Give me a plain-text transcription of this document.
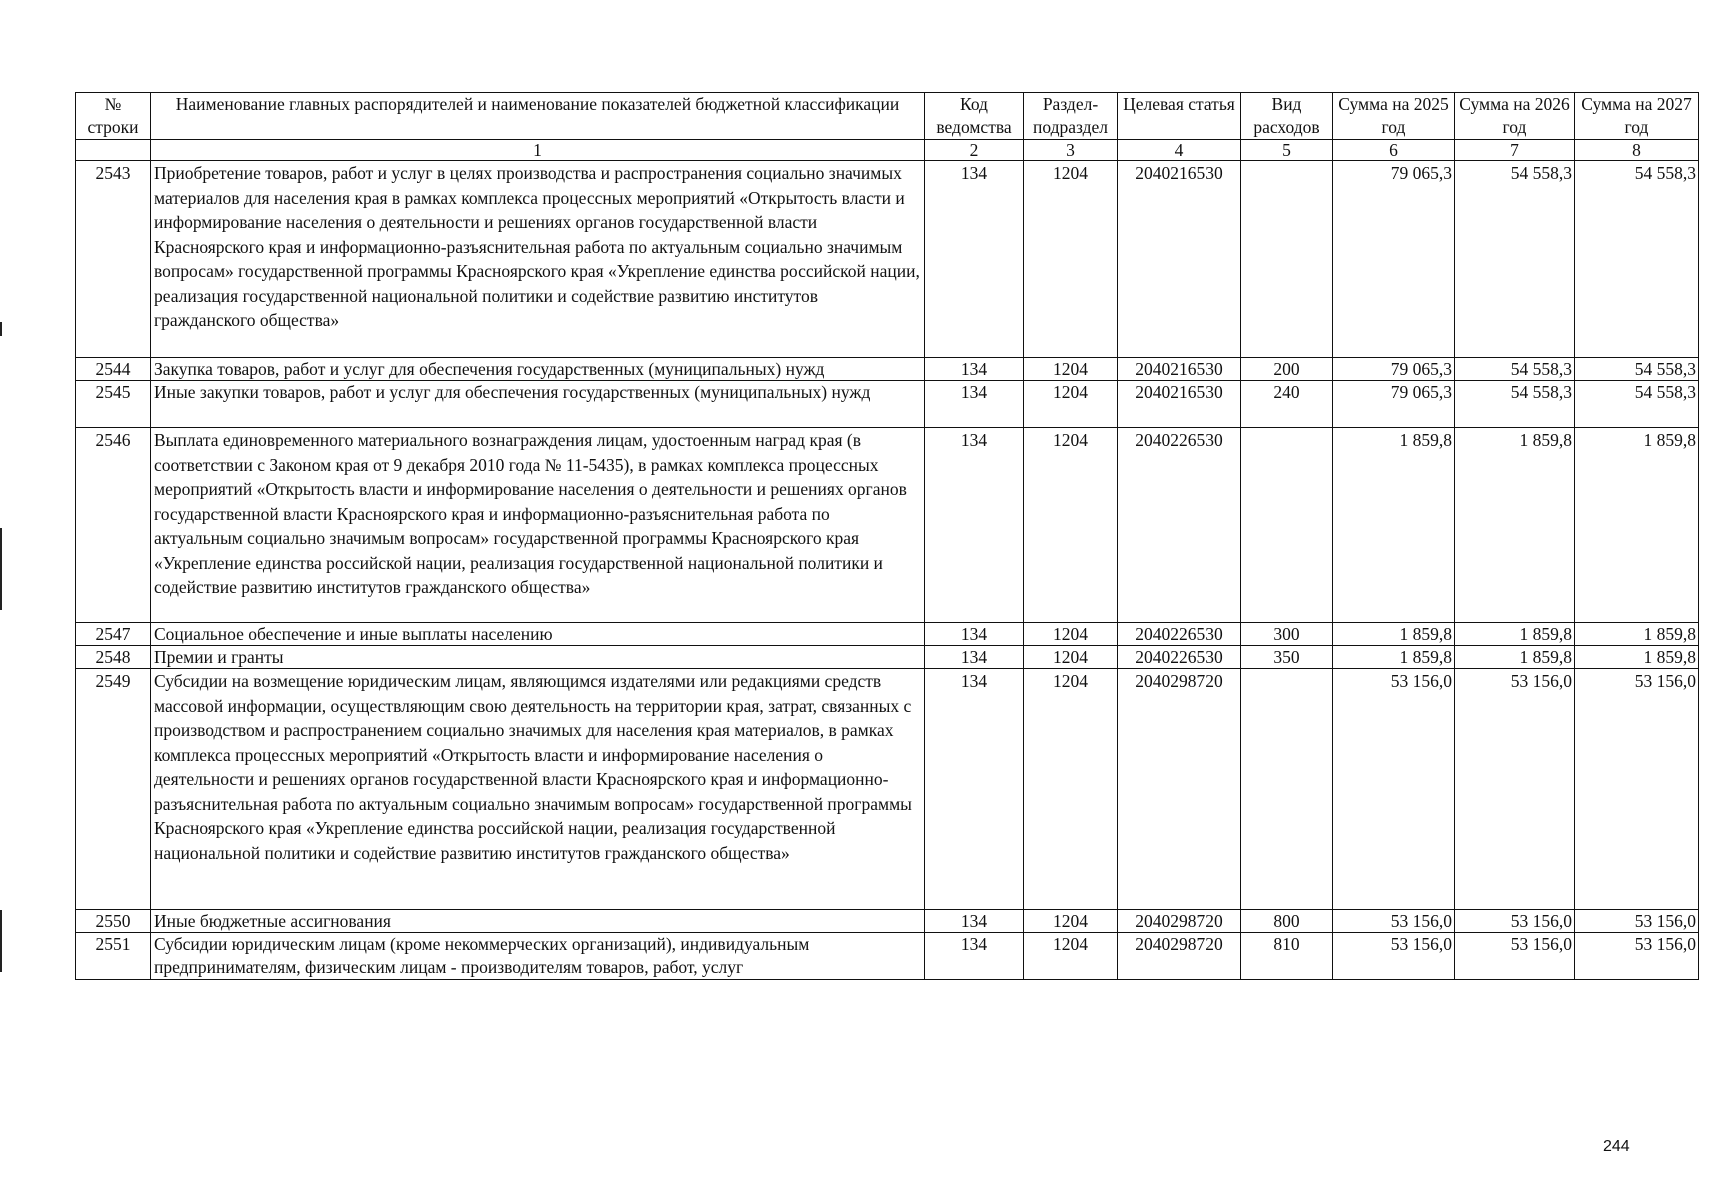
№ строки	Наименование главных распорядителей и наименование показателей бюджетной классификации	Код ведомства	Раздел-подраздел	Целевая статья	Вид расходов	Сумма на 2025 год	Сумма на 2026 год	Сумма на 2027 год
	1	2	3	4	5	6	7	8
2543	Приобретение товаров, работ и услуг в целях производства и распространения социально значимых материалов для населения края в рамках комплекса процессных мероприятий «Открытость власти и информирование населения о деятельности и решениях органов государственной власти Красноярского края и информационно-разъяснительная работа по актуальным социально значимым вопросам» государственной программы Красноярского края «Укрепление единства российской нации, реализация государственной национальной политики и содействие развитию институтов гражданского общества»	134	1204	2040216530		79 065,3	54 558,3	54 558,3
2544	Закупка товаров, работ и услуг для обеспечения государственных (муниципальных) нужд	134	1204	2040216530	200	79 065,3	54 558,3	54 558,3
2545	Иные закупки товаров, работ и услуг для обеспечения государственных (муниципальных) нужд	134	1204	2040216530	240	79 065,3	54 558,3	54 558,3
2546	Выплата единовременного материального вознаграждения лицам, удостоенным наград края (в соответствии с Законом края от 9 декабря 2010 года № 11-5435), в рамках комплекса процессных мероприятий «Открытость власти и информирование населения о деятельности и решениях органов государственной власти Красноярского края и информационно-разъяснительная работа по актуальным социально значимым вопросам» государственной программы Красноярского края «Укрепление единства российской нации, реализация государственной национальной политики и содействие развитию институтов гражданского общества»	134	1204	2040226530		1 859,8	1 859,8	1 859,8
2547	Социальное обеспечение и иные выплаты населению	134	1204	2040226530	300	1 859,8	1 859,8	1 859,8
2548	Премии и гранты	134	1204	2040226530	350	1 859,8	1 859,8	1 859,8
2549	Субсидии на возмещение юридическим лицам, являющимся издателями или редакциями средств массовой информации, осуществляющим свою деятельность на территории края, затрат, связанных с производством и распространением социально значимых для населения края материалов, в рамках комплекса процессных мероприятий «Открытость власти и информирование населения о деятельности и решениях органов государственной власти Красноярского края и информационно-разъяснительная работа по актуальным социально значимым вопросам» государственной программы Красноярского края «Укрепление единства российской нации, реализация государственной национальной политики и содействие развитию институтов гражданского общества»	134	1204	2040298720		53 156,0	53 156,0	53 156,0
2550	Иные бюджетные ассигнования	134	1204	2040298720	800	53 156,0	53 156,0	53 156,0
2551	Субсидии юридическим лицам (кроме некоммерческих организаций), индивидуальным предпринимателям, физическим лицам - производителям товаров, работ, услуг	134	1204	2040298720	810	53 156,0	53 156,0	53 156,0
244
